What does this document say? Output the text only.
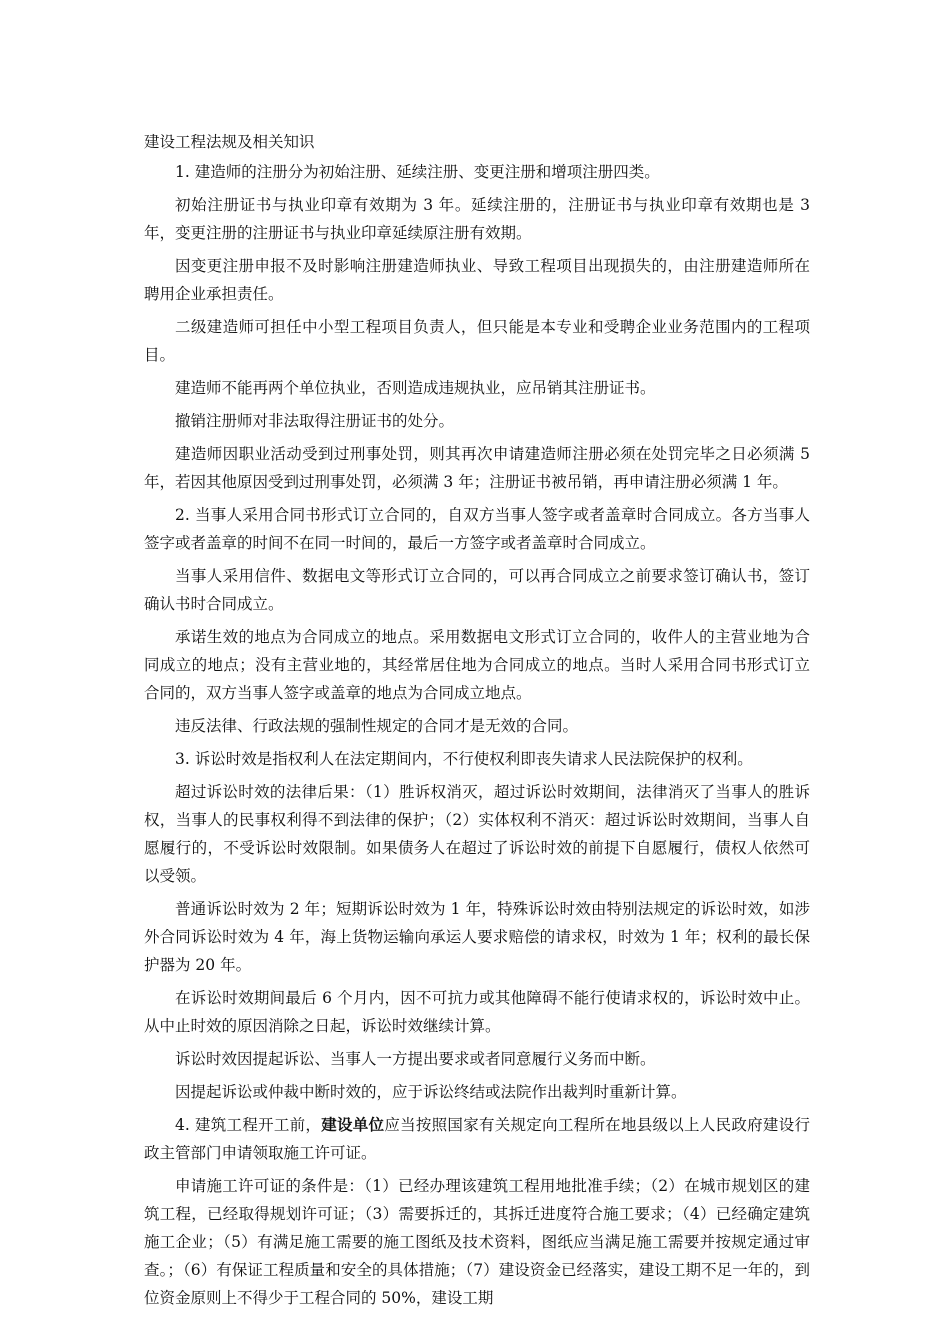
建设工程法规及相关知识

1. 建造师的注册分为初始注册、延续注册、变更注册和增项注册四类。

初始注册证书与执业印章有效期为 3 年。延续注册的，注册证书与执业印章有效期也是 3 年，变更注册的注册证书与执业印章延续原注册有效期。

因变更注册申报不及时影响注册建造师执业、导致工程项目出现损失的，由注册建造师所在聘用企业承担责任。

二级建造师可担任中小型工程项目负责人，但只能是本专业和受聘企业业务范围内的工程项目。

建造师不能再两个单位执业，否则造成违规执业，应吊销其注册证书。

撤销注册师对非法取得注册证书的处分。

建造师因职业活动受到过刑事处罚，则其再次申请建造师注册必须在处罚完毕之日必须满 5 年，若因其他原因受到过刑事处罚，必须满 3 年；注册证书被吊销，再申请注册必须满 1 年。

2. 当事人采用合同书形式订立合同的，自双方当事人签字或者盖章时合同成立。各方当事人签字或者盖章的时间不在同一时间的，最后一方签字或者盖章时合同成立。

当事人采用信件、数据电文等形式订立合同的，可以再合同成立之前要求签订确认书，签订确认书时合同成立。

承诺生效的地点为合同成立的地点。采用数据电文形式订立合同的，收件人的主营业地为合同成立的地点；没有主营业地的，其经常居住地为合同成立的地点。当时人采用合同书形式订立合同的，双方当事人签字或盖章的地点为合同成立地点。

违反法律、行政法规的强制性规定的合同才是无效的合同。

3. 诉讼时效是指权利人在法定期间内，不行使权利即丧失请求人民法院保护的权利。

超过诉讼时效的法律后果：（1）胜诉权消灭，超过诉讼时效期间，法律消灭了当事人的胜诉权，当事人的民事权利得不到法律的保护；（2）实体权利不消灭：超过诉讼时效期间，当事人自愿履行的，不受诉讼时效限制。如果债务人在超过了诉讼时效的前提下自愿履行，债权人依然可以受领。

普通诉讼时效为 2 年；短期诉讼时效为 1 年，特殊诉讼时效由特别法规定的诉讼时效，如涉外合同诉讼时效为 4 年，海上货物运输向承运人要求赔偿的请求权，时效为 1 年；权利的最长保护器为 20 年。

在诉讼时效期间最后 6 个月内，因不可抗力或其他障碍不能行使请求权的，诉讼时效中止。从中止时效的原因消除之日起，诉讼时效继续计算。

诉讼时效因提起诉讼、当事人一方提出要求或者同意履行义务而中断。

因提起诉讼或仲裁中断时效的，应于诉讼终结或法院作出裁判时重新计算。

4. 建筑工程开工前，建设单位应当按照国家有关规定向工程所在地县级以上人民政府建设行政主管部门申请领取施工许可证。

申请施工许可证的条件是：（1）已经办理该建筑工程用地批准手续；（2）在城市规划区的建筑工程，已经取得规划许可证；（3）需要拆迁的，其拆迁进度符合施工要求；（4）已经确定建筑施工企业；（5）有满足施工需要的施工图纸及技术资料，图纸应当满足施工需要并按规定通过审查。；（6）有保证工程质量和安全的具体措施；（7）建设资金已经落实，建设工期不足一年的，到位资金原则上不得少于工程合同的 50%，建设工期
